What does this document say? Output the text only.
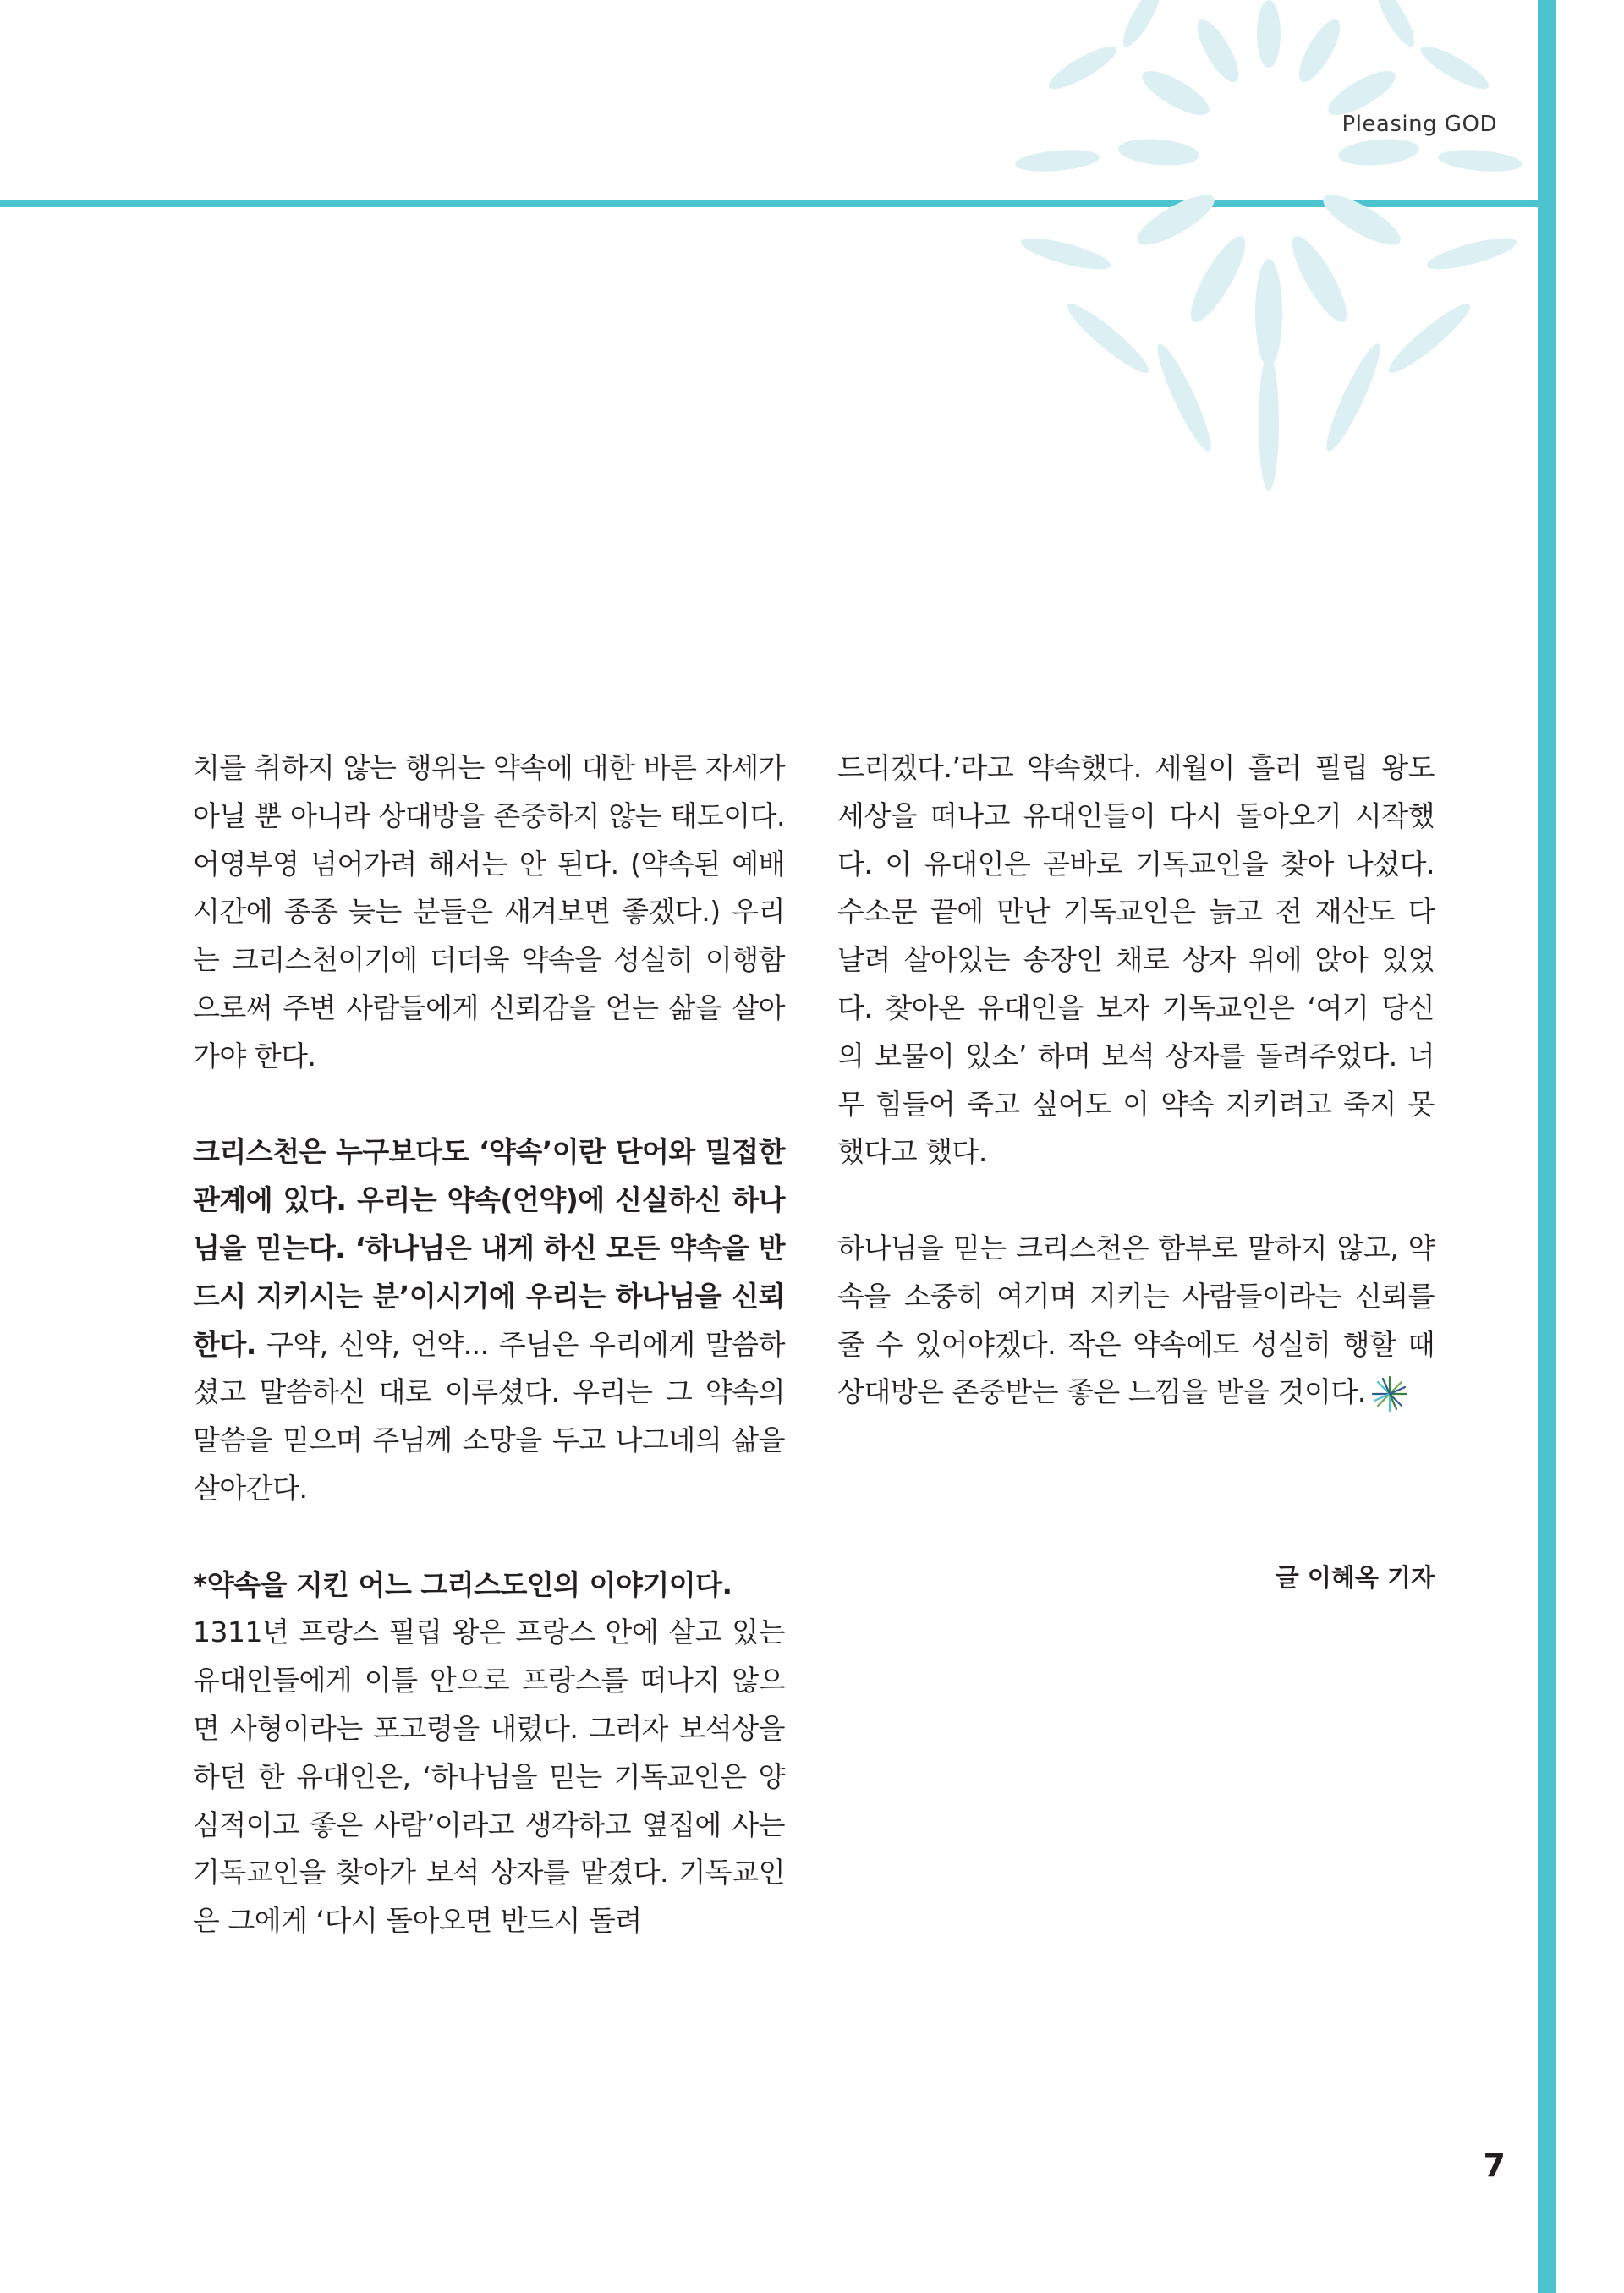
Pleasing GOD

치를 취하지 않는 행위는 약속에 대한 바른 자세가 아닐 뿐 아니라 상대방을 존중하지 않는 태도이다. 어영부영 넘어가려 해서는 안 된다. (약속된 예배 시간에 종종 늦는 분들은 새겨보면 좋겠다.) 우리는 크리스천이기에 더더욱 약속을 성실히 이행함으로써 주변 사람들에게 신뢰감을 얻는 삶을 살아가야 한다.

크리스천은 누구보다도 ‘약속’이란 단어와 밀접한 관계에 있다. 우리는 약속(언약)에 신실하신 하나님을 믿는다. ‘하나님은 내게 하신 모든 약속을 반드시 지키시는 분’이시기에 우리는 하나님을 신뢰한다. 구약, 신약, 언약... 주님은 우리에게 말씀하셨고 말씀하신 대로 이루셨다. 우리는 그 약속의 말씀을 믿으며 주님께 소망을 두고 나그네의 삶을 살아간다.

*약속을 지킨 어느 그리스도인의 이야기이다.

1311년 프랑스 필립 왕은 프랑스 안에 살고 있는 유대인들에게 이틀 안으로 프랑스를 떠나지 않으면 사형이라는 포고령을 내렸다. 그러자 보석상을 하던 한 유대인은, ‘하나님을 믿는 기독교인은 양심적이고 좋은 사람’이라고 생각하고 옆집에 사는 기독교인을 찾아가 보석 상자를 맡겼다. 기독교인은 그에게 ‘다시 돌아오면 반드시 돌려

드리겠다.’라고 약속했다. 세월이 흘러 필립 왕도 세상을 떠나고 유대인들이 다시 돌아오기 시작했다. 이 유대인은 곧바로 기독교인을 찾아 나섰다. 수소문 끝에 만난 기독교인은 늙고 전 재산도 다 날려 살아있는 송장인 채로 상자 위에 앉아 있었다. 찾아온 유대인을 보자 기독교인은 ‘여기 당신의 보물이 있소’ 하며 보석 상자를 돌려주었다. 너무 힘들어 죽고 싶어도 이 약속 지키려고 죽지 못했다고 했다.

하나님을 믿는 크리스천은 함부로 말하지 않고, 약속을 소중히 여기며 지키는 사람들이라는 신뢰를 줄 수 있어야겠다. 작은 약속에도 성실히 행할 때 상대방은 존중받는 좋은 느낌을 받을 것이다.

글 이혜옥 기자
7
